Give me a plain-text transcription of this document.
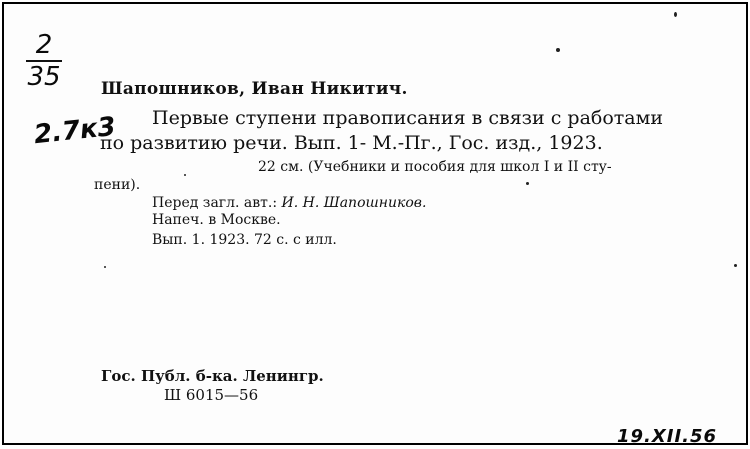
2
35 Шапошников, Иван Никитич.
Первые ступени правописания в связи с работами
2.7к3
по развитию речи. Вып. 1- М.-Пг., Гос. изд., 1923.
22 см. (Учебники и пособия для школ I и II сту-
пени).
Перед загл. авт.: И. Н. Шапошников.
Напеч. в Москве.
Вып. 1. 1923. 72 с. с илл.
Гос. Публ. б-ка. Ленингр.
Ш 6015—56
19.XII.56
